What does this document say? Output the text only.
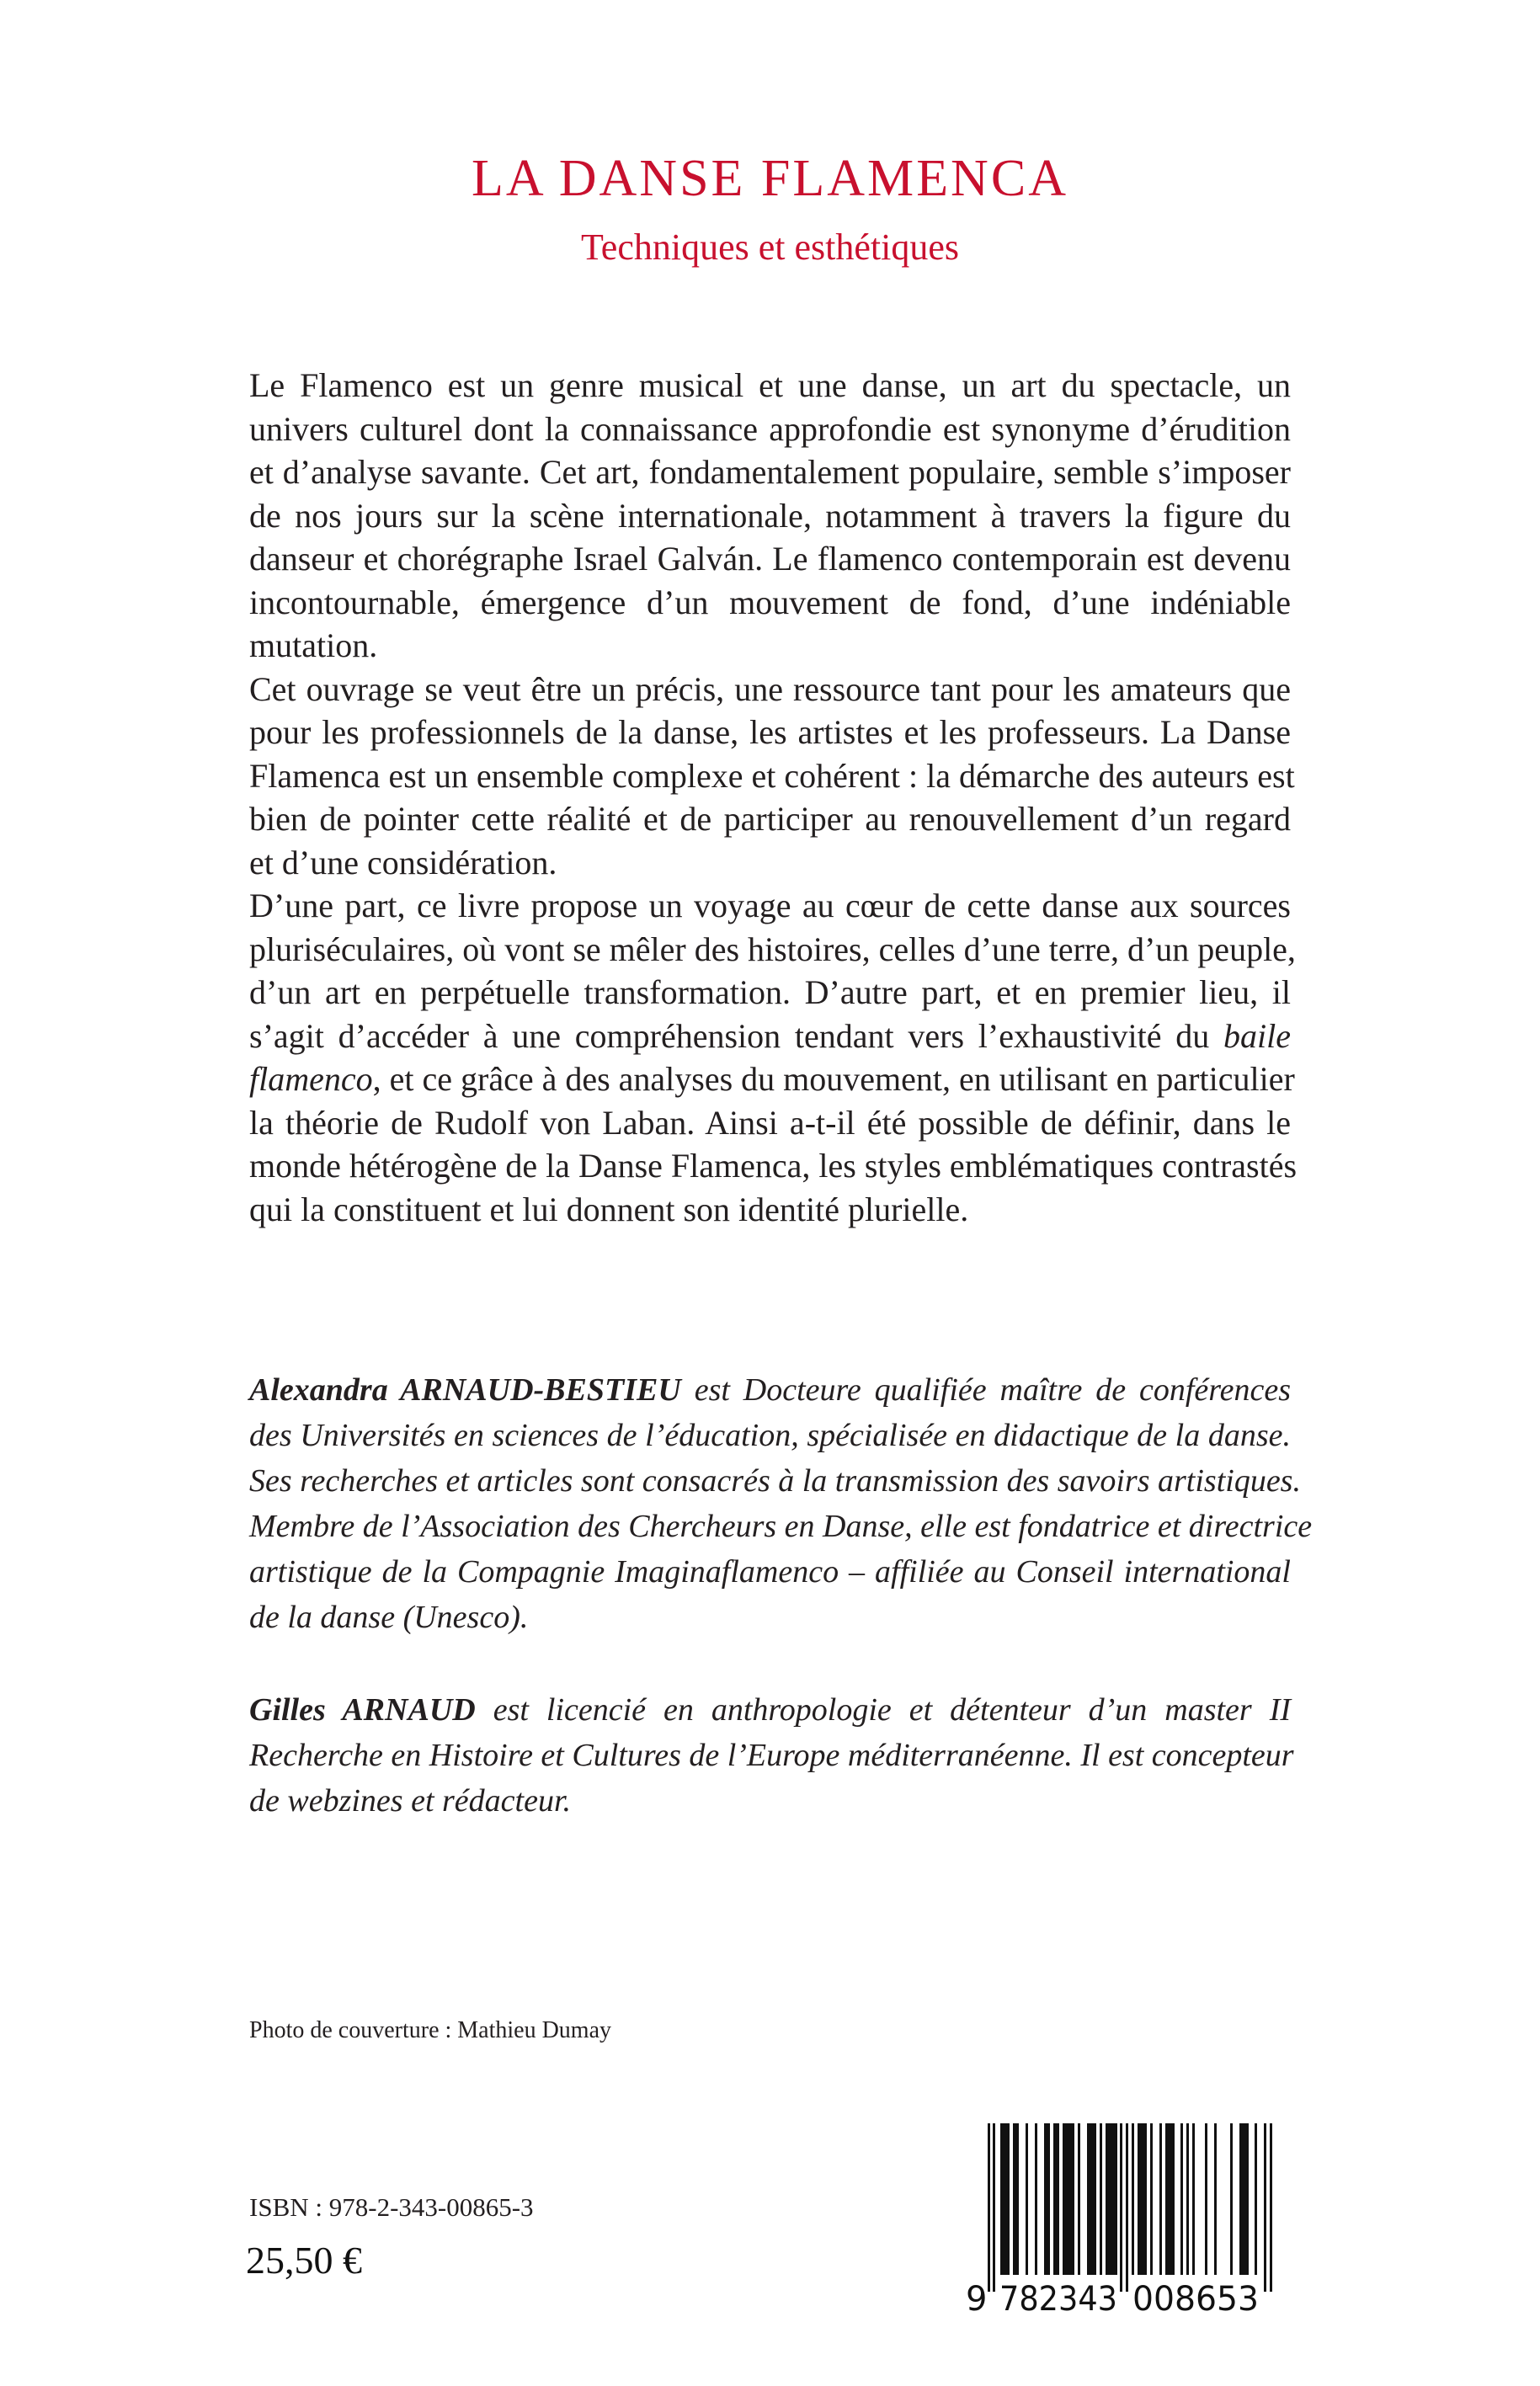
LA DANSE FLAMENCA
Techniques et esthétiques
Le Flamenco est un genre musical et une danse, un art du spectacle, un
univers culturel dont la connaissance approfondie est synonyme d’érudition
et d’analyse savante. Cet art, fondamentalement populaire, semble s’imposer
de nos jours sur la scène internationale, notamment à travers la figure du
danseur et chorégraphe Israel Galván. Le flamenco contemporain est devenu
incontournable, émergence d’un mouvement de fond, d’une indéniable
mutation.
Cet ouvrage se veut être un précis, une ressource tant pour les amateurs que
pour les professionnels de la danse, les artistes et les professeurs. La Danse
Flamenca est un ensemble complexe et cohérent : la démarche des auteurs est
bien de pointer cette réalité et de participer au renouvellement d’un regard
et d’une considération.
D’une part, ce livre propose un voyage au cœur de cette danse aux sources
pluriséculaires, où vont se mêler des histoires, celles d’une terre, d’un peuple,
d’un art en perpétuelle transformation. D’autre part, et en premier lieu, il
s’agit d’accéder à une compréhension tendant vers l’exhaustivité du baile
flamenco, et ce grâce à des analyses du mouvement, en utilisant en particulier
la théorie de Rudolf von Laban. Ainsi a-t-il été possible de définir, dans le
monde hétérogène de la Danse Flamenca, les styles emblématiques contrastés
qui la constituent et lui donnent son identité plurielle.
Alexandra ARNAUD-BESTIEU est Docteure qualifiée maître de conférences
des Universités en sciences de l’éducation, spécialisée en didactique de la danse.
Ses recherches et articles sont consacrés à la transmission des savoirs artistiques.
Membre de l’Association des Chercheurs en Danse, elle est fondatrice et directrice
artistique de la Compagnie Imaginaflamenco – affiliée au Conseil international
de la danse (Unesco).
Gilles ARNAUD est licencié en anthropologie et détenteur d’un master II
Recherche en Histoire et Cultures de l’Europe méditerranéenne. Il est concepteur
de webzines et rédacteur.
Photo de couverture : Mathieu Dumay
ISBN : 978-2-343-00865-3
25,50 €
9 782343 008653
